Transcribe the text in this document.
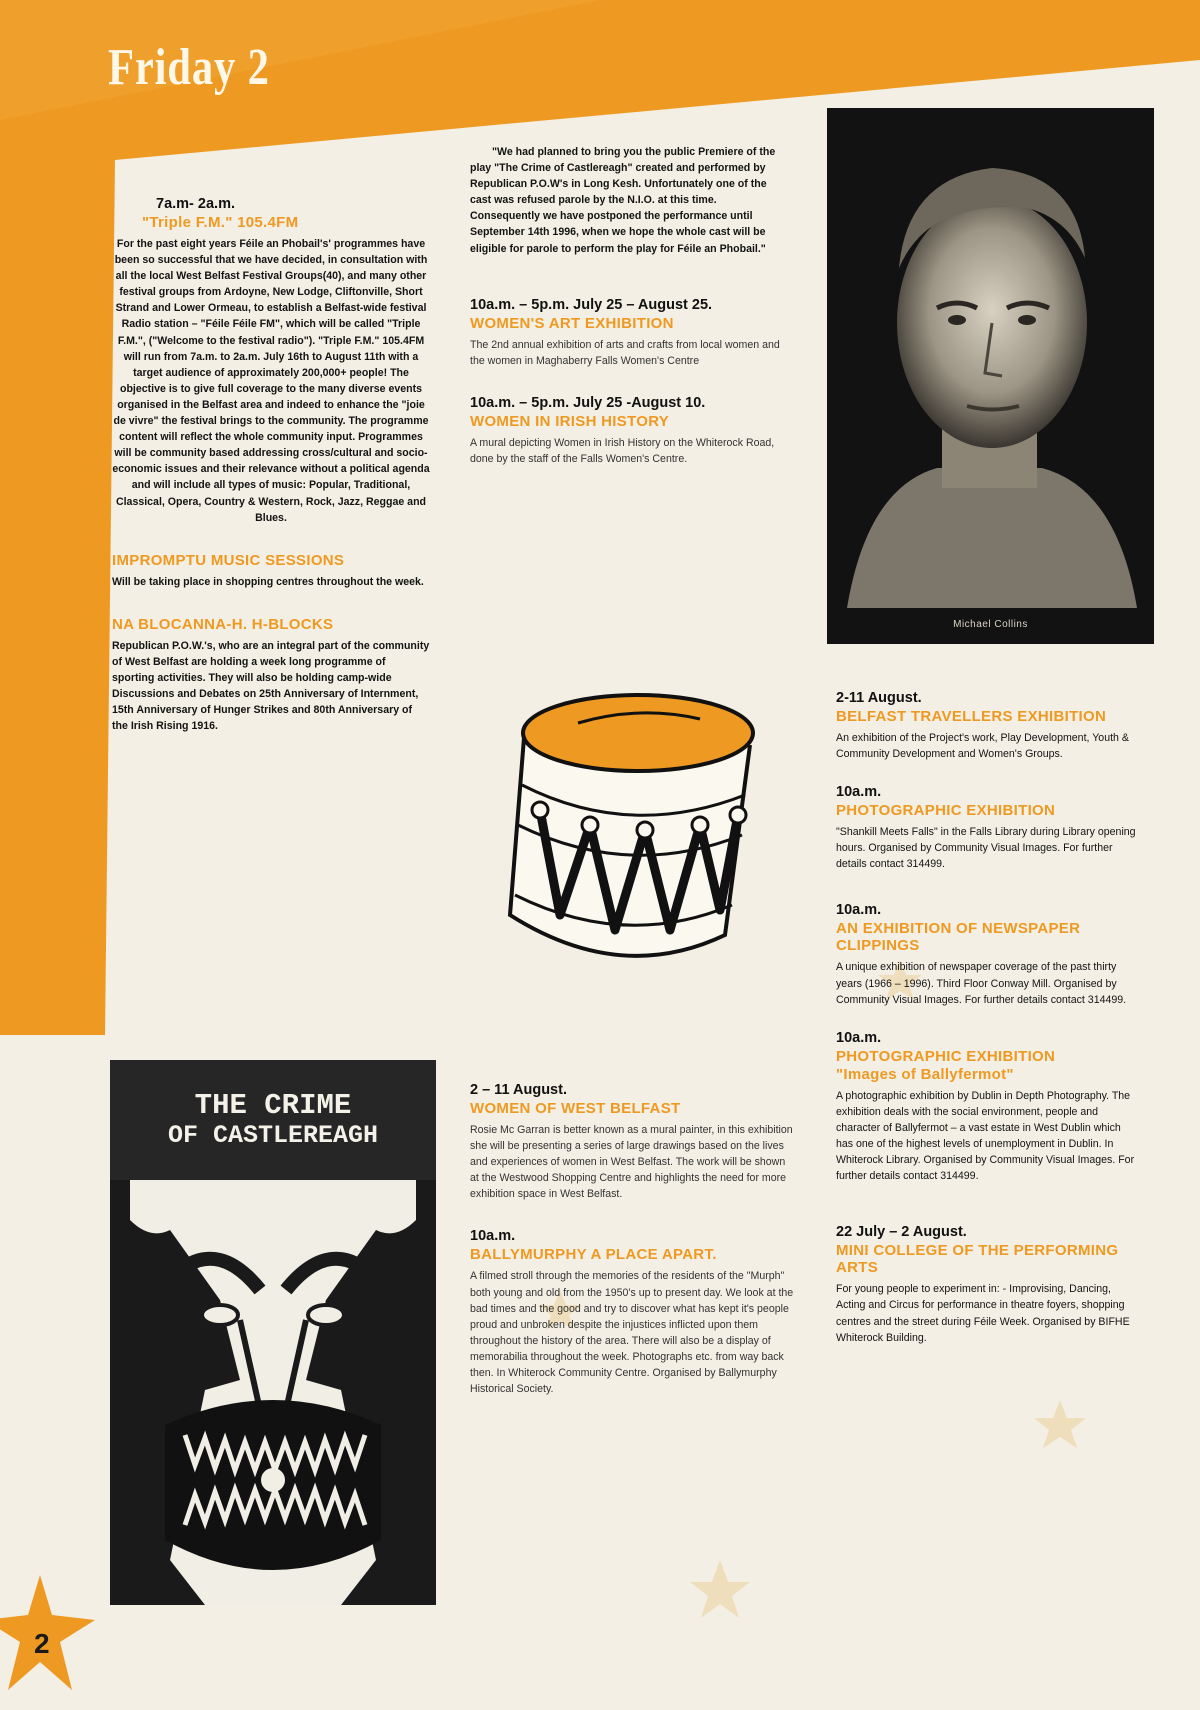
Friday 2

7a.m- 2a.m.

"Triple F.M." 105.4FM

For the past eight years Féile an Phobail's' programmes have been so successful that we have decided, in consultation with all the local West Belfast Festival Groups(40), and many other festival groups from Ardoyne, New Lodge, Cliftonville, Short Strand and Lower Ormeau, to establish a Belfast-wide festival Radio station – "Féile Féile FM", which will be called "Triple F.M.", ("Welcome to the festival radio"). "Triple F.M." 105.4FM will run from 7a.m. to 2a.m. July 16th to August 11th with a target audience of approximately 200,000+ people! The objective is to give full coverage to the many diverse events organised in the Belfast area and indeed to enhance the "joie de vivre" the festival brings to the community. The programme content will reflect the whole community input. Programmes will be community based addressing cross/cultural and socio-economic issues and their relevance without a political agenda and will include all types of music: Popular, Traditional, Classical, Opera, Country & Western, Rock, Jazz, Reggae and Blues.

IMPROMPTU MUSIC SESSIONS

Will be taking place in shopping centres throughout the week.

NA BLOCANNA-H. H-BLOCKS

Republican P.O.W.'s, who are an integral part of the community of West Belfast are holding a week long programme of sporting activities. They will also be holding camp-wide Discussions and Debates on 25th Anniversary of Internment, 15th Anniversary of Hunger Strikes and 80th Anniversary of the Irish Rising 1916.

THE CRIME
OF CASTLEREAGH

"We had planned to bring you the public Premiere of the play "The Crime of Castlereagh" created and performed by Republican P.O.W's in Long Kesh. Unfortunately one of the cast was refused parole by the N.I.O. at this time. Consequently we have postponed the performance until September 14th 1996, when we hope the whole cast will be eligible for parole to perform the play for Féile an Phobail."

10a.m. – 5p.m. July 25 – August 25.

WOMEN'S ART EXHIBITION

The 2nd annual exhibition of arts and crafts from local women and the women in Maghaberry Falls Women's Centre

10a.m. – 5p.m. July 25 -August 10.

WOMEN IN IRISH HISTORY

A mural depicting Women in Irish History on the Whiterock Road, done by the staff of the Falls Women's Centre.

2 – 11 August.

WOMEN OF WEST BELFAST

Rosie Mc Garran is better known as a mural painter, in this exhibition she will be presenting a series of large drawings based on the lives and experiences of women in West Belfast. The work will be shown at the Westwood Shopping Centre and highlights the need for more exhibition space in West Belfast.

10a.m.

BALLYMURPHY A PLACE APART.

A filmed stroll through the memories of the residents of the "Murph" both young and old from the 1950's up to present day. We look at the bad times and the good and try to discover what has kept it's people proud and unbroken despite the injustices inflicted upon them throughout the history of the area. There will also be a display of memorabilia throughout the week. Photographs etc. from way back then. In Whiterock Community Centre. Organised by Ballymurphy Historical Society.

Michael Collins

2-11 August.

BELFAST TRAVELLERS EXHIBITION

An exhibition of the Project's work, Play Development, Youth & Community Development and Women's Groups.

10a.m.

PHOTOGRAPHIC EXHIBITION

"Shankill Meets Falls" in the Falls Library during Library opening hours. Organised by Community Visual Images. For further details contact 314499.

10a.m.

AN EXHIBITION OF NEWSPAPER CLIPPINGS

A unique exhibition of newspaper coverage of the past thirty years (1966 – 1996). Third Floor Conway Mill. Organised by Community Visual Images. For further details contact 314499.

10a.m.

PHOTOGRAPHIC EXHIBITION

"Images of Ballyfermot"

A photographic exhibition by Dublin in Depth Photography. The exhibition deals with the social environment, people and character of Ballyfermot – a vast estate in West Dublin which has one of the highest levels of unemployment in Dublin. In Whiterock Library. Organised by Community Visual Images. For further details contact 314499.

22 July – 2 August.

MINI COLLEGE OF THE PERFORMING ARTS

For young people to experiment in: - Improvising, Dancing, Acting and Circus for performance in theatre foyers, shopping centres and the street during Féile Week. Organised by BIFHE Whiterock Building.

2
